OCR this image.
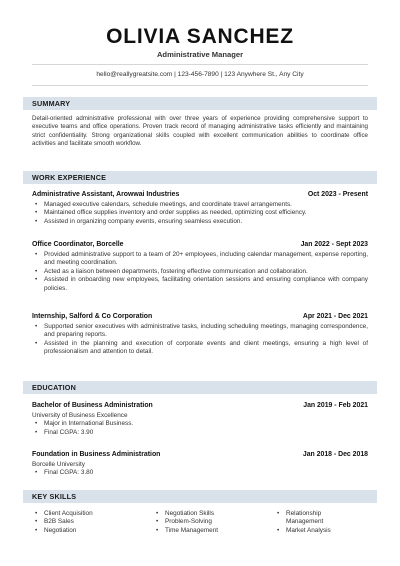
OLIVIA SANCHEZ
Administrative Manager
hello@reallygreatsite.com | 123-456-7890 | 123 Anywhere St., Any City
SUMMARY
Detail-oriented administrative professional with over three years of experience providing comprehensive support to executive teams and office operations. Proven track record of managing administrative tasks efficiently and maintaining strict confidentiality. Strong organizational skills coupled with excellent communication abilities to coordinate office activities and facilitate smooth workflow.
WORK EXPERIENCE
Administrative Assistant, Arowwai Industries	Oct 2023 - Present
• Managed executive calendars, schedule meetings, and coordinate travel arrangements.
• Maintained office supplies inventory and order supplies as needed, optimizing cost efficiency.
• Assisted in organizing company events, ensuring seamless execution.
Office Coordinator, Borcelle	Jan 2022 - Sept 2023
• Provided administrative support to a team of 20+ employees, including calendar management, expense reporting, and meeting coordination.
• Acted as a liaison between departments, fostering effective communication and collaboration.
• Assisted in onboarding new employees, facilitating orientation sessions and ensuring compliance with company policies.
Internship, Salford & Co Corporation	Apr 2021 - Dec 2021
• Supported senior executives with administrative tasks, including scheduling meetings, managing correspondence, and preparing reports.
• Assisted in the planning and execution of corporate events and client meetings, ensuring a high level of professionalism and attention to detail.
EDUCATION
Bachelor of Business Administration	Jan 2019 - Feb 2021
University of Business Excellence
• Major in International Business.
• Final CGPA: 3.90
Foundation in Business Administration	Jan 2018 - Dec 2018
Borcelle University
• Final CGPA: 3.80
KEY SKILLS
• Client Acquisition
• B2B Sales
• Negotiation
• Negotiation Skills
• Problem-Solving
• Time Management
• Relationship Management
• Market Analysis
